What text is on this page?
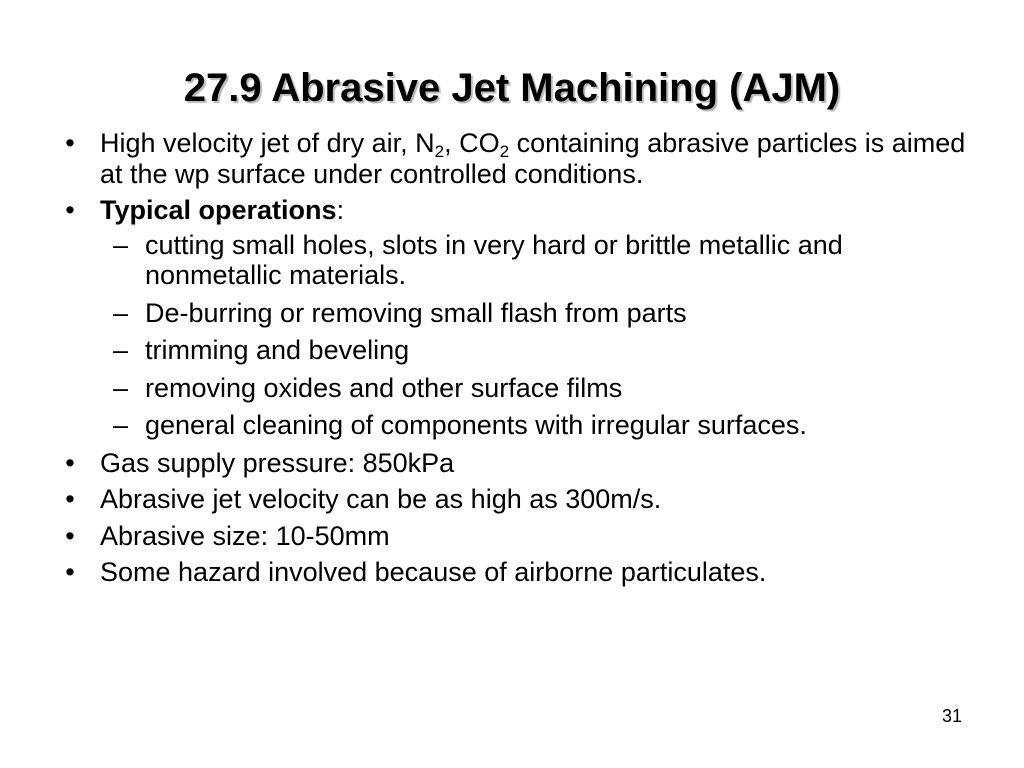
27.9 Abrasive Jet Machining (AJM)
• High velocity jet of dry air, $N_2$, $CO_2$ containing abrasive particles is aimed at the wp surface under controlled conditions.
• Typical operations:
– cutting small holes, slots in very hard or brittle metallic and nonmetallic materials.
– De-burring or removing small flash from parts
– trimming and beveling
– removing oxides and other surface films
– general cleaning of components with irregular surfaces.
• Gas supply pressure: 850kPa
• Abrasive jet velocity can be as high as 300m/s.
• Abrasive size: 10-50mm
• Some hazard involved because of airborne particulates.
31
